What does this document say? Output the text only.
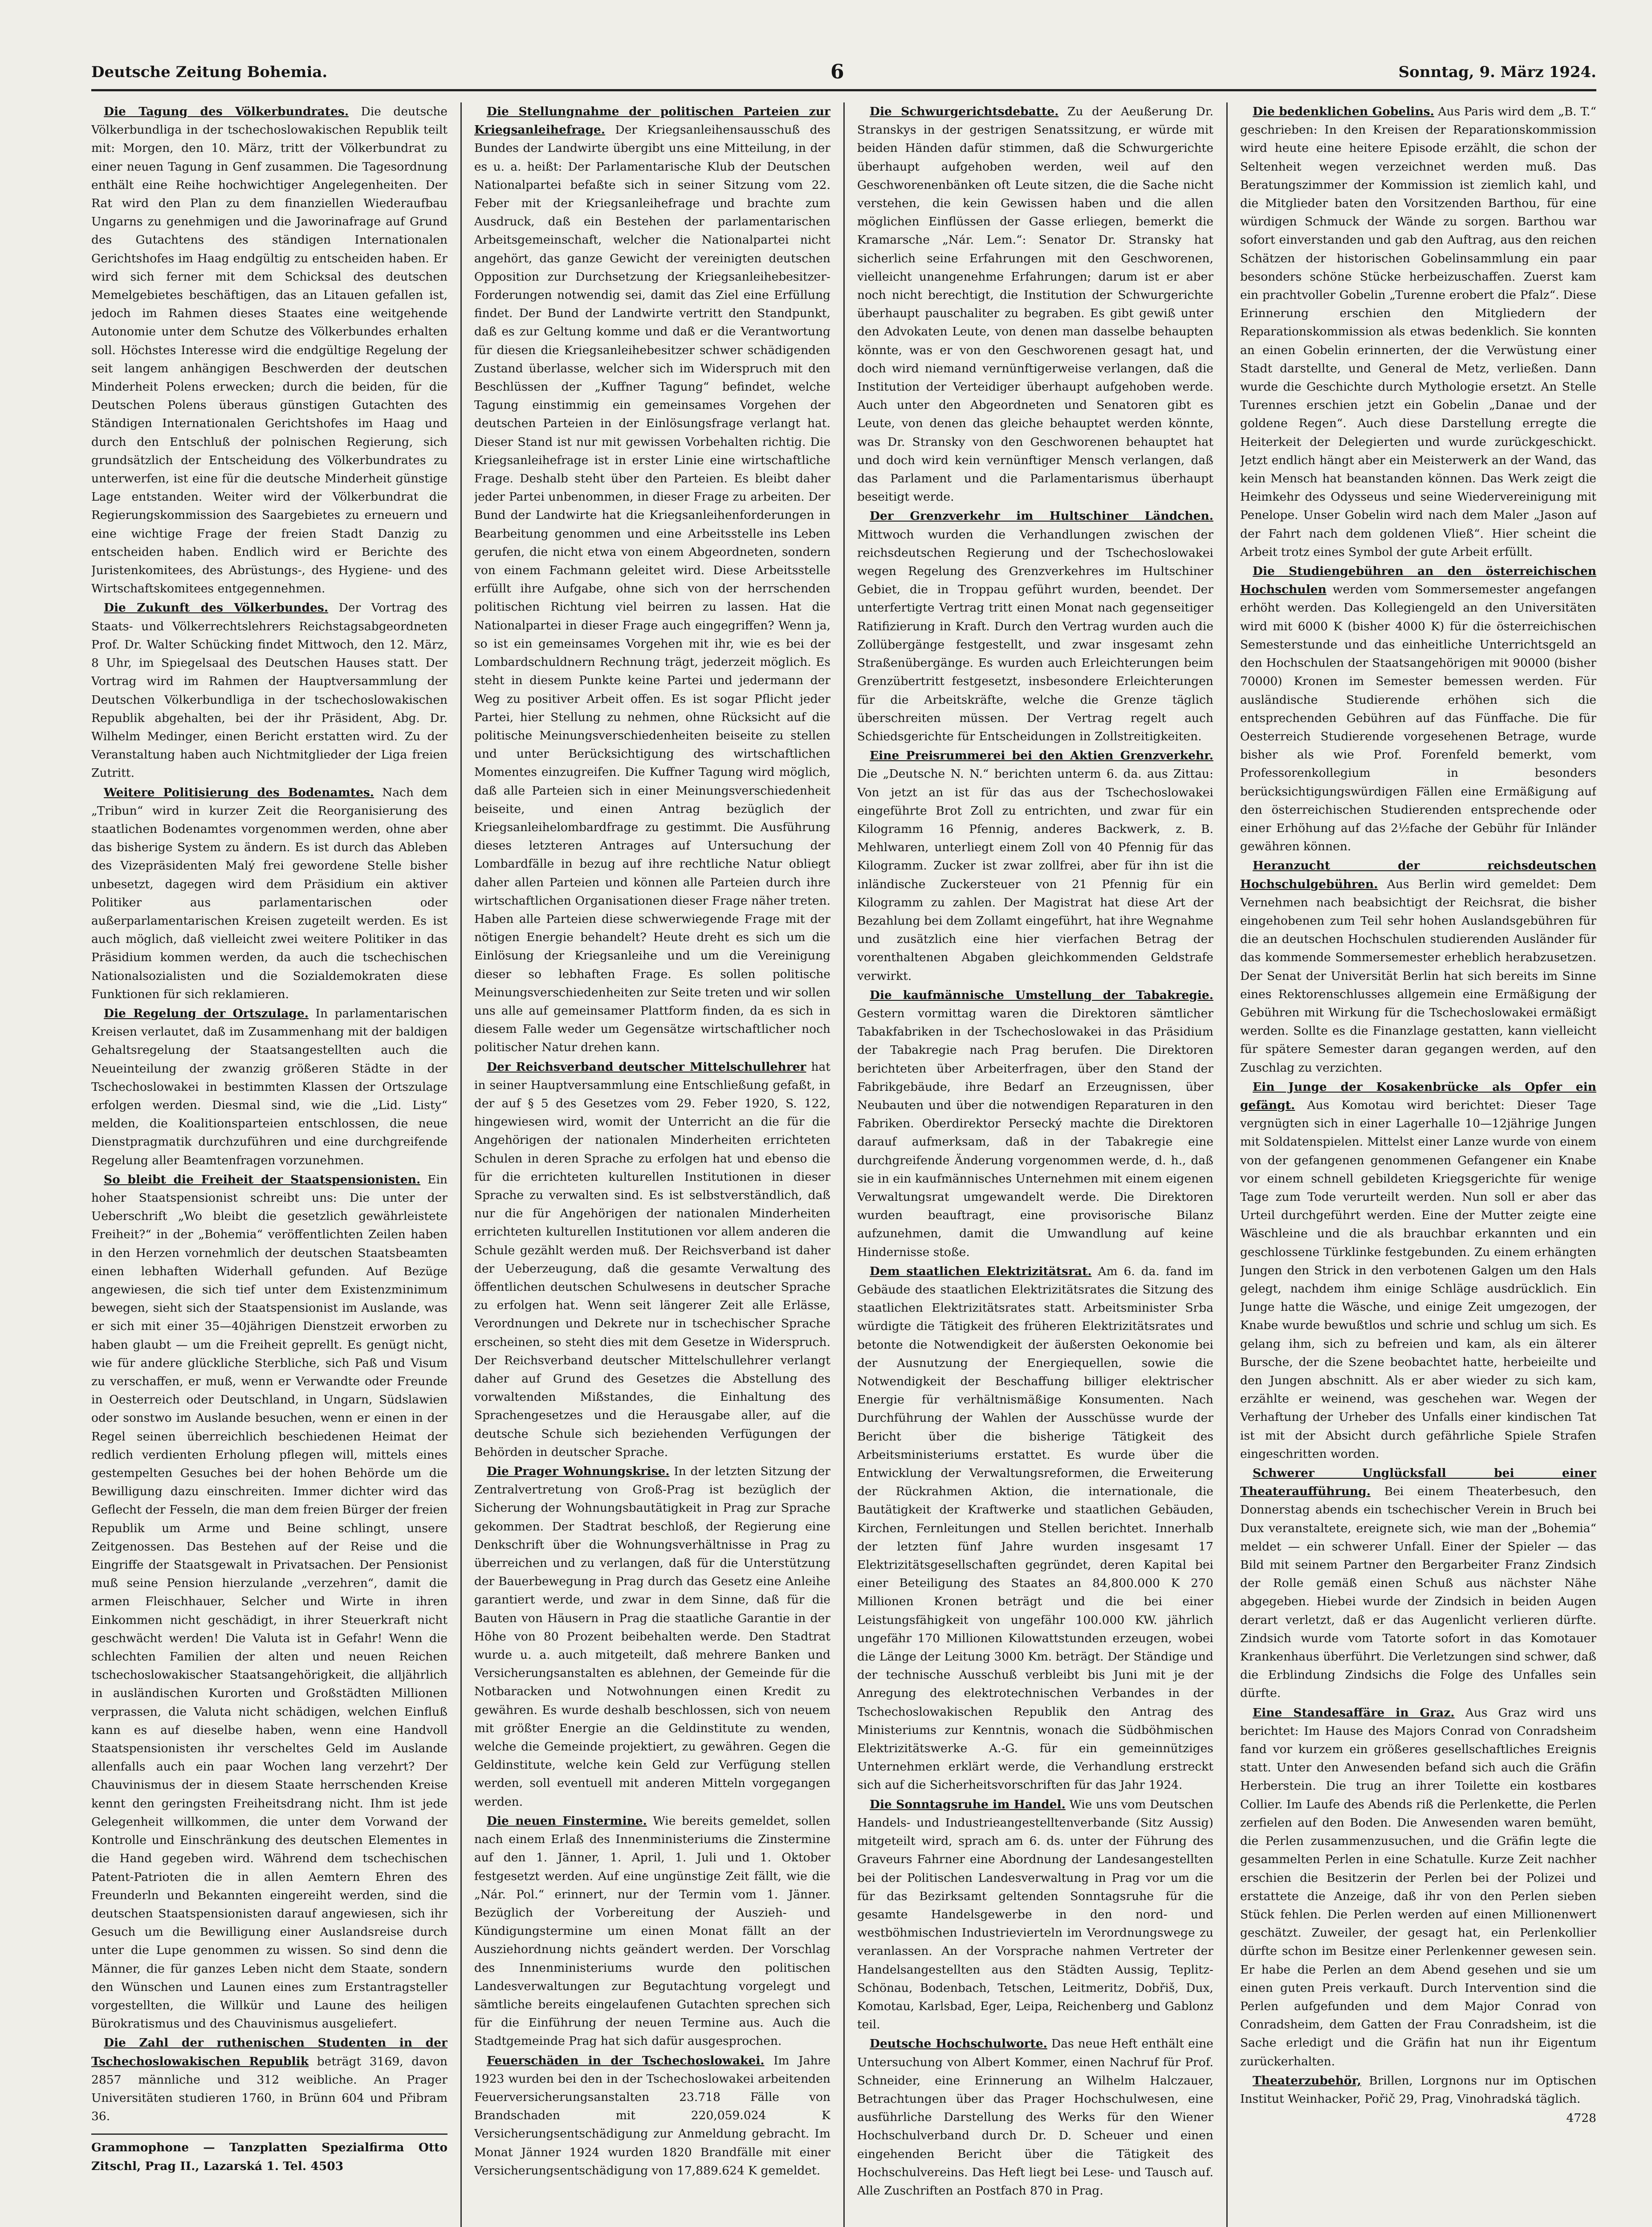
Deutsche Zeitung Bohemia.	6	Sonntag, 9. März 1924.

Die Tagung des Völkerbundrates. Die deutsche Völkerbundliga in der tschechoslowakischen Republik teilt mit: Morgen, den 10. März, tritt der Völkerbundrat zu einer neuen Tagung in Genf zusammen. Die Tagesordnung enthält eine Reihe hochwichtiger Angelegenheiten. Der Rat wird den Plan zu dem finanziellen Wiederaufbau Ungarns zu genehmigen und die Jaworinafrage auf Grund des Gutachtens des ständigen Internationalen Gerichtshofes im Haag endgültig zu entscheiden haben. Er wird sich ferner mit dem Schicksal des deutschen Memelgebietes beschäftigen, das an Litauen gefallen ist, jedoch im Rahmen dieses Staates eine weitgehende Autonomie unter dem Schutze des Völkerbundes erhalten soll. Höchstes Interesse wird die endgültige Regelung der seit langem anhängigen Beschwerden der deutschen Minderheit Polens erwecken; durch die beiden, für die Deutschen Polens überaus günstigen Gutachten des Ständigen Internationalen Gerichtshofes im Haag und durch den Entschluß der polnischen Regierung, sich grundsätzlich der Entscheidung des Völkerbundrates zu unterwerfen, ist eine für die deutsche Minderheit günstige Lage entstanden. Weiter wird der Völkerbundrat die Regierungskommission des Saargebietes zu erneuern und eine wichtige Frage der freien Stadt Danzig zu entscheiden haben. Endlich wird er Berichte des Juristenkomitees, des Abrüstungs-, des Hygiene- und des Wirtschaftskomitees entgegennehmen.

Die Zukunft des Völkerbundes. Der Vortrag des Staats- und Völkerrechtslehrers Reichstagsabgeordneten Prof. Dr. Walter Schücking findet Mittwoch, den 12. März, 8 Uhr, im Spiegelsaal des Deutschen Hauses statt. Der Vortrag wird im Rahmen der Hauptversammlung der Deutschen Völkerbundliga in der tschechoslowakischen Republik abgehalten, bei der ihr Präsident, Abg. Dr. Wilhelm Medinger, einen Bericht erstatten wird. Zu der Veranstaltung haben auch Nichtmitglieder der Liga freien Zutritt.

Weitere Politisierung des Bodenamtes. Nach dem „Tribun“ wird in kurzer Zeit die Reorganisierung des staatlichen Bodenamtes vorgenommen werden, ohne aber das bisherige System zu ändern. Es ist durch das Ableben des Vizepräsidenten Malý frei gewordene Stelle bisher unbesetzt, dagegen wird dem Präsidium ein aktiver Politiker aus parlamentarischen oder außerparlamentarischen Kreisen zugeteilt werden. Es ist auch möglich, daß vielleicht zwei weitere Politiker in das Präsidium kommen werden, da auch die tschechischen Nationalsozialisten und die Sozialdemokraten diese Funktionen für sich reklamieren.

Die Regelung der Ortszulage. In parlamentarischen Kreisen verlautet, daß im Zusammenhang mit der baldigen Gehaltsregelung der Staatsangestellten auch die Neueinteilung der zwanzig größeren Städte in der Tschechoslowakei in bestimmten Klassen der Ortszulage erfolgen werden. Diesmal sind, wie die „Lid. Listy“ melden, die Koalitionsparteien entschlossen, die neue Dienstpragmatik durchzuführen und eine durchgreifende Regelung aller Beamtenfragen vorzunehmen.

So bleibt die Freiheit der Staatspensionisten. Ein hoher Staatspensionist schreibt uns: Die unter der Ueberschrift „Wo bleibt die gesetzlich gewährleistete Freiheit?“ in der „Bohemia“ veröffentlichten Zeilen haben in den Herzen vornehmlich der deutschen Staatsbeamten einen lebhaften Widerhall gefunden. Auf Bezüge angewiesen, die sich tief unter dem Existenzminimum bewegen, sieht sich der Staatspensionist im Auslande, was er sich mit einer 35—40jährigen Dienstzeit erworben zu haben glaubt — um die Freiheit geprellt. Es genügt nicht, wie für andere glückliche Sterbliche, sich Paß und Visum zu verschaffen, er muß, wenn er Verwandte oder Freunde in Oesterreich oder Deutschland, in Ungarn, Südslawien oder sonstwo im Auslande besuchen, wenn er einen in der Regel seinen überreichlich beschiedenen Heimat der redlich verdienten Erholung pflegen will, mittels eines gestempelten Gesuches bei der hohen Behörde um die Bewilligung dazu einschreiten. Immer dichter wird das Geflecht der Fesseln, die man dem freien Bürger der freien Republik um Arme und Beine schlingt, unsere Zeitgenossen. Das Bestehen auf der Reise und die Eingriffe der Staatsgewalt in Privatsachen. Der Pensionist muß seine Pension hierzulande „verzehren“, damit die armen Fleischhauer, Selcher und Wirte in ihren Einkommen nicht geschädigt, in ihrer Steuerkraft nicht geschwächt werden! Die Valuta ist in Gefahr! Wenn die schlechten Familien der alten und neuen Reichen tschechoslowakischer Staatsangehörigkeit, die alljährlich in ausländischen Kurorten und Großstädten Millionen verprassen, die Valuta nicht schädigen, welchen Einfluß kann es auf dieselbe haben, wenn eine Handvoll Staatspensionisten ihr verscheltes Geld im Auslande allenfalls auch ein paar Wochen lang verzehrt? Der Chauvinismus der in diesem Staate herrschenden Kreise kennt den geringsten Freiheitsdrang nicht. Ihm ist jede Gelegenheit willkommen, die unter dem Vorwand der Kontrolle und Einschränkung des deutschen Elementes in die Hand gegeben wird. Während dem tschechischen Patent-Patrioten die in allen Aemtern Ehren des Freunderln und Bekannten eingereiht werden, sind die deutschen Staatspensionisten darauf angewiesen, sich ihr Gesuch um die Bewilligung einer Auslandsreise durch unter die Lupe genommen zu wissen. So sind denn die Männer, die für ganzes Leben nicht dem Staate, sondern den Wünschen und Launen eines zum Erstantragsteller vorgestellten, die Willkür und Laune des heiligen Bürokratismus und des Chauvinismus ausgeliefert.

Die Zahl der ruthenischen Studenten in der Tschechoslowakischen Republik beträgt 3169, davon 2857 männliche und 312 weibliche. An Prager Universitäten studieren 1760, in Brünn 604 und Přibram 36.

Grammophone — Tanzplatten Spezialfirma Otto Zitschl, Prag II., Lazarská 1. Tel. 4503

Die Stellungnahme der politischen Parteien zur Kriegsanleihefrage. Der Kriegsanleihensausschuß des Bundes der Landwirte übergibt uns eine Mitteilung, in der es u. a. heißt: Der Parlamentarische Klub der Deutschen Nationalpartei befaßte sich in seiner Sitzung vom 22. Feber mit der Kriegsanleihefrage und brachte zum Ausdruck, daß ein Bestehen der parlamentarischen Arbeitsgemeinschaft, welcher die Nationalpartei nicht angehört, das ganze Gewicht der vereinigten deutschen Opposition zur Durchsetzung der Kriegsanleihebesitzer-Forderungen notwendig sei, damit das Ziel eine Erfüllung findet. Der Bund der Landwirte vertritt den Standpunkt, daß es zur Geltung komme und daß er die Verantwortung für diesen die Kriegsanleihebesitzer schwer schädigenden Zustand überlasse, welcher sich im Widerspruch mit den Beschlüssen der „Kuffner Tagung“ befindet, welche Tagung einstimmig ein gemeinsames Vorgehen der deutschen Parteien in der Einlösungsfrage verlangt hat. Dieser Stand ist nur mit gewissen Vorbehalten richtig. Die Kriegsanleihefrage ist in erster Linie eine wirtschaftliche Frage. Deshalb steht über den Parteien. Es bleibt daher jeder Partei unbenommen, in dieser Frage zu arbeiten. Der Bund der Landwirte hat die Kriegsanleihenforderungen in Bearbeitung genommen und eine Arbeitsstelle ins Leben gerufen, die nicht etwa von einem Abgeordneten, sondern von einem Fachmann geleitet wird. Diese Arbeitsstelle erfüllt ihre Aufgabe, ohne sich von der herrschenden politischen Richtung viel beirren zu lassen. Hat die Nationalpartei in dieser Frage auch eingegriffen? Wenn ja, so ist ein gemeinsames Vorgehen mit ihr, wie es bei der Lombardschuldnern Rechnung trägt, jederzeit möglich. Es steht in diesem Punkte keine Partei und jedermann der Weg zu positiver Arbeit offen. Es ist sogar Pflicht jeder Partei, hier Stellung zu nehmen, ohne Rücksicht auf die politische Meinungsverschiedenheiten beiseite zu stellen und unter Berücksichtigung des wirtschaftlichen Momentes einzugreifen. Die Kuffner Tagung wird möglich, daß alle Parteien sich in einer Meinungsverschiedenheit beiseite, und einen Antrag bezüglich der Kriegsanleihelombardfrage zu gestimmt. Die Ausführung dieses letzteren Antrages auf Untersuchung der Lombardfälle in bezug auf ihre rechtliche Natur obliegt daher allen Parteien und können alle Parteien durch ihre wirtschaftlichen Organisationen dieser Frage näher treten. Haben alle Parteien diese schwerwiegende Frage mit der nötigen Energie behandelt? Heute dreht es sich um die Einlösung der Kriegsanleihe und um die Vereinigung dieser so lebhaften Frage. Es sollen politische Meinungsverschiedenheiten zur Seite treten und wir sollen uns alle auf gemeinsamer Plattform finden, da es sich in diesem Falle weder um Gegensätze wirtschaftlicher noch politischer Natur drehen kann.

Der Reichsverband deutscher Mittelschullehrer hat in seiner Hauptversammlung eine Entschließung gefaßt, in der auf § 5 des Gesetzes vom 29. Feber 1920, S. 122, hingewiesen wird, womit der Unterricht an die für die Angehörigen der nationalen Minderheiten errichteten Schulen in deren Sprache zu erfolgen hat und ebenso die für die errichteten kulturellen Institutionen in dieser Sprache zu verwalten sind. Es ist selbstverständlich, daß nur die für Angehörigen der nationalen Minderheiten errichteten kulturellen Institutionen vor allem anderen die Schule gezählt werden muß. Der Reichsverband ist daher der Ueberzeugung, daß die gesamte Verwaltung des öffentlichen deutschen Schulwesens in deutscher Sprache zu erfolgen hat. Wenn seit längerer Zeit alle Erlässe, Verordnungen und Dekrete nur in tschechischer Sprache erscheinen, so steht dies mit dem Gesetze in Widerspruch. Der Reichsverband deutscher Mittelschullehrer verlangt daher auf Grund des Gesetzes die Abstellung des vorwaltenden Mißstandes, die Einhaltung des Sprachengesetzes und die Herausgabe aller, auf die deutsche Schule sich beziehenden Verfügungen der Behörden in deutscher Sprache.

Die Prager Wohnungskrise. In der letzten Sitzung der Zentralvertretung von Groß-Prag ist bezüglich der Sicherung der Wohnungsbautätigkeit in Prag zur Sprache gekommen. Der Stadtrat beschloß, der Regierung eine Denkschrift über die Wohnungsverhältnisse in Prag zu überreichen und zu verlangen, daß für die Unterstützung der Bauerbewegung in Prag durch das Gesetz eine Anleihe garantiert werde, und zwar in dem Sinne, daß für die Bauten von Häusern in Prag die staatliche Garantie in der Höhe von 80 Prozent beibehalten werde. Den Stadtrat wurde u. a. auch mitgeteilt, daß mehrere Banken und Versicherungsanstalten es ablehnen, der Gemeinde für die Notbaracken und Notwohnungen einen Kredit zu gewähren. Es wurde deshalb beschlossen, sich von neuem mit größter Energie an die Geldinstitute zu wenden, welche die Gemeinde projektiert, zu gewähren. Gegen die Geldinstitute, welche kein Geld zur Verfügung stellen werden, soll eventuell mit anderen Mitteln vorgegangen werden.

Die neuen Finstermine. Wie bereits gemeldet, sollen nach einem Erlaß des Innenministeriums die Zinstermine auf den 1. Jänner, 1. April, 1. Juli und 1. Oktober festgesetzt werden. Auf eine ungünstige Zeit fällt, wie die „Nár. Pol.“ erinnert, nur der Termin vom 1. Jänner. Bezüglich der Vorbereitung der Auszieh- und Kündigungstermine um einen Monat fällt an der Ausziehordnung nichts geändert werden. Der Vorschlag des Innenministeriums wurde den politischen Landesverwaltungen zur Begutachtung vorgelegt und sämtliche bereits eingelaufenen Gutachten sprechen sich für die Einführung der neuen Termine aus. Auch die Stadtgemeinde Prag hat sich dafür ausgesprochen.

Feuerschäden in der Tschechoslowakei. Im Jahre 1923 wurden bei den in der Tschechoslowakei arbeitenden Feuerversicherungsanstalten 23.718 Fälle von Brandschaden mit 220,059.024 K Versicherungsentschädigung zur Anmeldung gebracht. Im Monat Jänner 1924 wurden 1820 Brandfälle mit einer Versicherungsentschädigung von 17,889.624 K gemeldet.

Die Schwurgerichtsdebatte. Zu der Aeußerung Dr. Stranskys in der gestrigen Senatssitzung, er würde mit beiden Händen dafür stimmen, daß die Schwurgerichte überhaupt aufgehoben werden, weil auf den Geschworenenbänken oft Leute sitzen, die die Sache nicht verstehen, die kein Gewissen haben und die allen möglichen Einflüssen der Gasse erliegen, bemerkt die Kramarsche „Nár. Lem.“: Senator Dr. Stransky hat sicherlich seine Erfahrungen mit den Geschworenen, vielleicht unangenehme Erfahrungen; darum ist er aber noch nicht berechtigt, die Institution der Schwurgerichte überhaupt pauschaliter zu begraben. Es gibt gewiß unter den Advokaten Leute, von denen man dasselbe behaupten könnte, was er von den Geschworenen gesagt hat, und doch wird niemand vernünftigerweise verlangen, daß die Institution der Verteidiger überhaupt aufgehoben werde. Auch unter den Abgeordneten und Senatoren gibt es Leute, von denen das gleiche behauptet werden könnte, was Dr. Stransky von den Geschworenen behauptet hat und doch wird kein vernünftiger Mensch verlangen, daß das Parlament und die Parlamentarismus überhaupt beseitigt werde.

Der Grenzverkehr im Hultschiner Ländchen. Mittwoch wurden die Verhandlungen zwischen der reichsdeutschen Regierung und der Tschechoslowakei wegen Regelung des Grenzverkehres im Hultschiner Gebiet, die in Troppau geführt wurden, beendet. Der unterfertigte Vertrag tritt einen Monat nach gegenseitiger Ratifizierung in Kraft. Durch den Vertrag wurden auch die Zollübergänge festgestellt, und zwar insgesamt zehn Straßenübergänge. Es wurden auch Erleichterungen beim Grenzübertritt festgesetzt, insbesondere Erleichterungen für die Arbeitskräfte, welche die Grenze täglich überschreiten müssen. Der Vertrag regelt auch Schiedsgerichte für Entscheidungen in Zollstreitigkeiten.

Eine Preisrummerei bei den Aktien Grenzverkehr. Die „Deutsche N. N.“ berichten unterm 6. da. aus Zittau: Von jetzt an ist für das aus der Tschechoslowakei eingeführte Brot Zoll zu entrichten, und zwar für ein Kilogramm 16 Pfennig, anderes Backwerk, z. B. Mehlwaren, unterliegt einem Zoll von 40 Pfennig für das Kilogramm. Zucker ist zwar zollfrei, aber für ihn ist die inländische Zuckersteuer von 21 Pfennig für ein Kilogramm zu zahlen. Der Magistrat hat diese Art der Bezahlung bei dem Zollamt eingeführt, hat ihre Wegnahme und zusätzlich eine hier vierfachen Betrag der vorenthaltenen Abgaben gleichkommenden Geldstrafe verwirkt.

Die kaufmännische Umstellung der Tabakregie. Gestern vormittag waren die Direktoren sämtlicher Tabakfabriken in der Tschechoslowakei in das Präsidium der Tabakregie nach Prag berufen. Die Direktoren berichteten über Arbeiterfragen, über den Stand der Fabrikgebäude, ihre Bedarf an Erzeugnissen, über Neubauten und über die notwendigen Reparaturen in den Fabriken. Oberdirektor Persecký machte die Direktoren darauf aufmerksam, daß in der Tabakregie eine durchgreifende Änderung vorgenommen werde, d. h., daß sie in ein kaufmännisches Unternehmen mit einem eigenen Verwaltungsrat umgewandelt werde. Die Direktoren wurden beauftragt, eine provisorische Bilanz aufzunehmen, damit die Umwandlung auf keine Hindernisse stoße.

Dem staatlichen Elektrizitätsrat. Am 6. da. fand im Gebäude des staatlichen Elektrizitätsrates die Sitzung des staatlichen Elektrizitätsrates statt. Arbeitsminister Srba würdigte die Tätigkeit des früheren Elektrizitätsrates und betonte die Notwendigkeit der äußersten Oekonomie bei der Ausnutzung der Energiequellen, sowie die Notwendigkeit der Beschaffung billiger elektrischer Energie für verhältnismäßige Konsumenten. Nach Durchführung der Wahlen der Ausschüsse wurde der Bericht über die bisherige Tätigkeit des Arbeitsministeriums erstattet. Es wurde über die Entwicklung der Verwaltungsreformen, die Erweiterung der Rückrahmen Aktion, die internationale, die Bautätigkeit der Kraftwerke und staatlichen Gebäuden, Kirchen, Fernleitungen und Stellen berichtet. Innerhalb der letzten fünf Jahre wurden insgesamt 17 Elektrizitätsgesellschaften gegründet, deren Kapital bei einer Beteiligung des Staates an 84,800.000 K 270 Millionen Kronen beträgt und die bei einer Leistungsfähigkeit von ungefähr 100.000 KW. jährlich ungefähr 170 Millionen Kilowattstunden erzeugen, wobei die Länge der Leitung 3000 Km. beträgt. Der Ständige und der technische Ausschuß verbleibt bis Juni mit je der Anregung des elektrotechnischen Verbandes in der Tschechoslowakischen Republik den Antrag des Ministeriums zur Kenntnis, wonach die Südböhmischen Elektrizitätswerke A.-G. für ein gemeinnütziges Unternehmen erklärt werde, die Verhandlung erstreckt sich auf die Sicherheitsvorschriften für das Jahr 1924.

Die Sonntagsruhe im Handel. Wie uns vom Deutschen Handels- und Industrieangestelltenverbande (Sitz Aussig) mitgeteilt wird, sprach am 6. ds. unter der Führung des Graveurs Fahrner eine Abordnung der Landesangestellten bei der Politischen Landesverwaltung in Prag vor um die für das Bezirksamt geltenden Sonntagsruhe für die gesamte Handelsgewerbe in den nord- und westböhmischen Industrievierteln im Verordnungswege zu veranlassen. An der Vorsprache nahmen Vertreter der Handelsangestellten aus den Städten Aussig, Teplitz-Schönau, Bodenbach, Tetschen, Leitmeritz, Dobřiš, Dux, Komotau, Karlsbad, Eger, Leipa, Reichenberg und Gablonz teil.

Deutsche Hochschulworte. Das neue Heft enthält eine Untersuchung von Albert Kommer, einen Nachruf für Prof. Schneider, eine Erinnerung an Wilhelm Halczauer, Betrachtungen über das Prager Hochschulwesen, eine ausführliche Darstellung des Werks für den Wiener Hochschulverband durch Dr. D. Scheuer und einen eingehenden Bericht über die Tätigkeit des Hochschulvereins. Das Heft liegt bei Lese- und Tausch auf. Alle Zuschriften an Postfach 870 in Prag.

Die bedenklichen Gobelins. Aus Paris wird dem „B. T.“ geschrieben: In den Kreisen der Reparationskommission wird heute eine heitere Episode erzählt, die schon der Seltenheit wegen verzeichnet werden muß. Das Beratungszimmer der Kommission ist ziemlich kahl, und die Mitglieder baten den Vorsitzenden Barthou, für eine würdigen Schmuck der Wände zu sorgen. Barthou war sofort einverstanden und gab den Auftrag, aus den reichen Schätzen der historischen Gobelinsammlung ein paar besonders schöne Stücke herbeizuschaffen. Zuerst kam ein prachtvoller Gobelin „Turenne erobert die Pfalz“. Diese Erinnerung erschien den Mitgliedern der Reparationskommission als etwas bedenklich. Sie konnten an einen Gobelin erinnerten, der die Verwüstung einer Stadt darstellte, und General de Metz, verließen. Dann wurde die Geschichte durch Mythologie ersetzt. An Stelle Turennes erschien jetzt ein Gobelin „Danae und der goldene Regen“. Auch diese Darstellung erregte die Heiterkeit der Delegierten und wurde zurückgeschickt. Jetzt endlich hängt aber ein Meisterwerk an der Wand, das kein Mensch hat beanstanden können. Das Werk zeigt die Heimkehr des Odysseus und seine Wiedervereinigung mit Penelope. Unser Gobelin wird nach dem Maler „Jason auf der Fahrt nach dem goldenen Vließ“. Hier scheint die Arbeit trotz eines Symbol der gute Arbeit erfüllt.

Die Studiengebühren an den österreichischen Hochschulen werden vom Sommersemester angefangen erhöht werden. Das Kollegiengeld an den Universitäten wird mit 6000 K (bisher 4000 K) für die österreichischen Semesterstunde und das einheitliche Unterrichtsgeld an den Hochschulen der Staatsangehörigen mit 90000 (bisher 70000) Kronen im Semester bemessen werden. Für ausländische Studierende erhöhen sich die entsprechenden Gebühren auf das Fünffache. Die für Oesterreich Studierende vorgesehenen Betrage, wurde bisher als wie Prof. Forenfeld bemerkt, vom Professorenkollegium in besonders berücksichtigungswürdigen Fällen eine Ermäßigung auf den österreichischen Studierenden entsprechende oder einer Erhöhung auf das 2½fache der Gebühr für Inländer gewähren können.

Heranzucht der reichsdeutschen Hochschulgebühren. Aus Berlin wird gemeldet: Dem Vernehmen nach beabsichtigt der Reichsrat, die bisher eingehobenen zum Teil sehr hohen Auslandsgebühren für die an deutschen Hochschulen studierenden Ausländer für das kommende Sommersemester erheblich herabzusetzen. Der Senat der Universität Berlin hat sich bereits im Sinne eines Rektorenschlusses allgemein eine Ermäßigung der Gebühren mit Wirkung für die Tschechoslowakei ermäßigt werden. Sollte es die Finanzlage gestatten, kann vielleicht für spätere Semester daran gegangen werden, auf den Zuschlag zu verzichten.

Ein Junge der Kosakenbrücke als Opfer ein gefängt. Aus Komotau wird berichtet: Dieser Tage vergnügten sich in einer Lagerhalle 10—12jährige Jungen mit Soldatenspielen. Mittelst einer Lanze wurde von einem von der gefangenen genommenen Gefangener ein Knabe vor einem schnell gebildeten Kriegsgerichte für wenige Tage zum Tode verurteilt werden. Nun soll er aber das Urteil durchgeführt werden. Eine der Mutter zeigte eine Wäschleine und die als brauchbar erkannten und ein geschlossene Türklinke festgebunden. Zu einem erhängten Jungen den Strick in den verbotenen Galgen um den Hals gelegt, nachdem ihm einige Schläge ausdrücklich. Ein Junge hatte die Wäsche, und einige Zeit umgezogen, der Knabe wurde bewußtlos und schrie und schlug um sich. Es gelang ihm, sich zu befreien und kam, als ein älterer Bursche, der die Szene beobachtet hatte, herbeieilte und den Jungen abschnitt. Als er aber wieder zu sich kam, erzählte er weinend, was geschehen war. Wegen der Verhaftung der Urheber des Unfalls einer kindischen Tat ist mit der Absicht durch gefährliche Spiele Strafen eingeschritten worden.

Schwerer Unglücksfall bei einer Theateraufführung. Bei einem Theaterbesuch, den Donnerstag abends ein tschechischer Verein in Bruch bei Dux veranstaltete, ereignete sich, wie man der „Bohemia“ meldet — ein schwerer Unfall. Einer der Spieler — das Bild mit seinem Partner den Bergarbeiter Franz Zindsich der Rolle gemäß einen Schuß aus nächster Nähe abgegeben. Hiebei wurde der Zindsich in beiden Augen derart verletzt, daß er das Augenlicht verlieren dürfte. Zindsich wurde vom Tatorte sofort in das Komotauer Krankenhaus überführt. Die Verletzungen sind schwer, daß die Erblindung Zindsichs die Folge des Unfalles sein dürfte.

Eine Standesaffäre in Graz. Aus Graz wird uns berichtet: Im Hause des Majors Conrad von Conradsheim fand vor kurzem ein größeres gesellschaftliches Ereignis statt. Unter den Anwesenden befand sich auch die Gräfin Herberstein. Die trug an ihrer Toilette ein kostbares Collier. Im Laufe des Abends riß die Perlenkette, die Perlen zerfielen auf den Boden. Die Anwesenden waren bemüht, die Perlen zusammenzusuchen, und die Gräfin legte die gesammelten Perlen in eine Schatulle. Kurze Zeit nachher erschien die Besitzerin der Perlen bei der Polizei und erstattete die Anzeige, daß ihr von den Perlen sieben Stück fehlen. Die Perlen werden auf einen Millionenwert geschätzt. Zuweiler, der gesagt hat, ein Perlenkollier dürfte schon im Besitze einer Perlenkenner gewesen sein. Er habe die Perlen an dem Abend gesehen und sie um einen guten Preis verkauft. Durch Intervention sind die Perlen aufgefunden und dem Major Conrad von Conradsheim, dem Gatten der Frau Conradsheim, ist die Sache erledigt und die Gräfin hat nun ihr Eigentum zurückerhalten.

Theaterzubehör, Brillen, Lorgnons nur im Optischen Institut Weinhacker, Pořič 29, Prag, Vinohradská täglich.

4728
